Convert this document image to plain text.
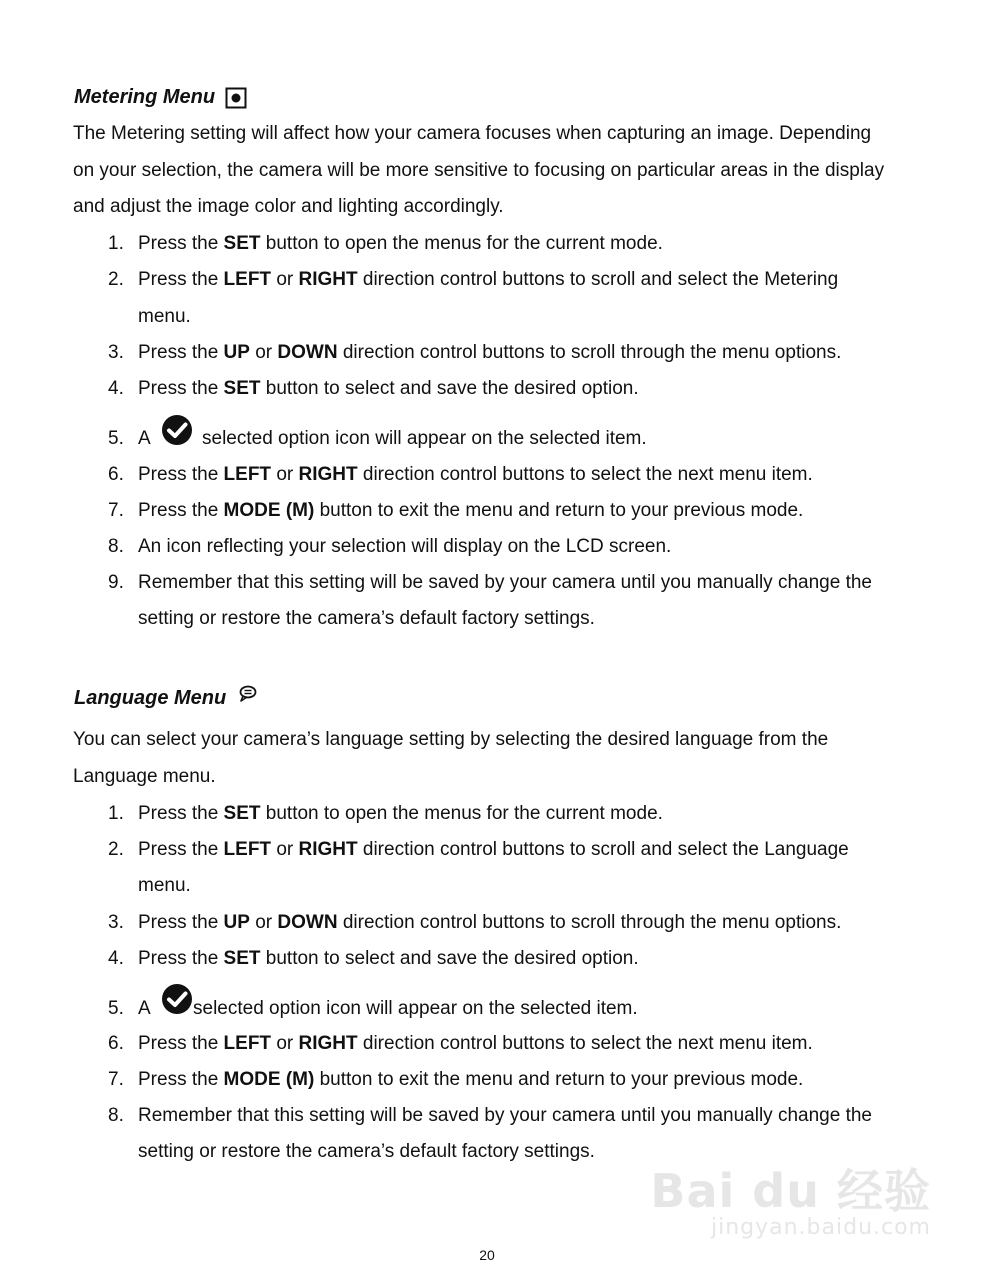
Metering Menu
The Metering setting will affect how your camera focuses when capturing an image. Depending
on your selection, the camera will be more sensitive to focusing on particular areas in the display
and adjust the image color and lighting accordingly.
1. Press the SET button to open the menus for the current mode.
2. Press the LEFT or RIGHT direction control buttons to scroll and select the Metering
menu.
3. Press the UP or DOWN direction control buttons to scroll through the menu options.
4. Press the SET button to select and save the desired option.
5. A	selected option icon will appear on the selected item.
6. Press the LEFT or RIGHT direction control buttons to select the next menu item.
7. Press the MODE (M) button to exit the menu and return to your previous mode.
8. An icon reflecting your selection will display on the LCD screen.
9. Remember that this setting will be saved by your camera until you manually change the
setting or restore the camera’s default factory settings.
Language Menu
You can select your camera’s language setting by selecting the desired language from the
Language menu.
1. Press the SET button to open the menus for the current mode.
2. Press the LEFT or RIGHT direction control buttons to scroll and select the Language
menu.
3. Press the UP or DOWN direction control buttons to scroll through the menu options.
4. Press the SET button to select and save the desired option.
5. A selected option icon will appear on the selected item.
6. Press the LEFT or RIGHT direction control buttons to select the next menu item.
7. Press the MODE (M) button to exit the menu and return to your previous mode.
8. Remember that this setting will be saved by your camera until you manually change the
setting or restore the camera’s default factory settings.
Bai du 经验
jingyan.baidu.com
20
